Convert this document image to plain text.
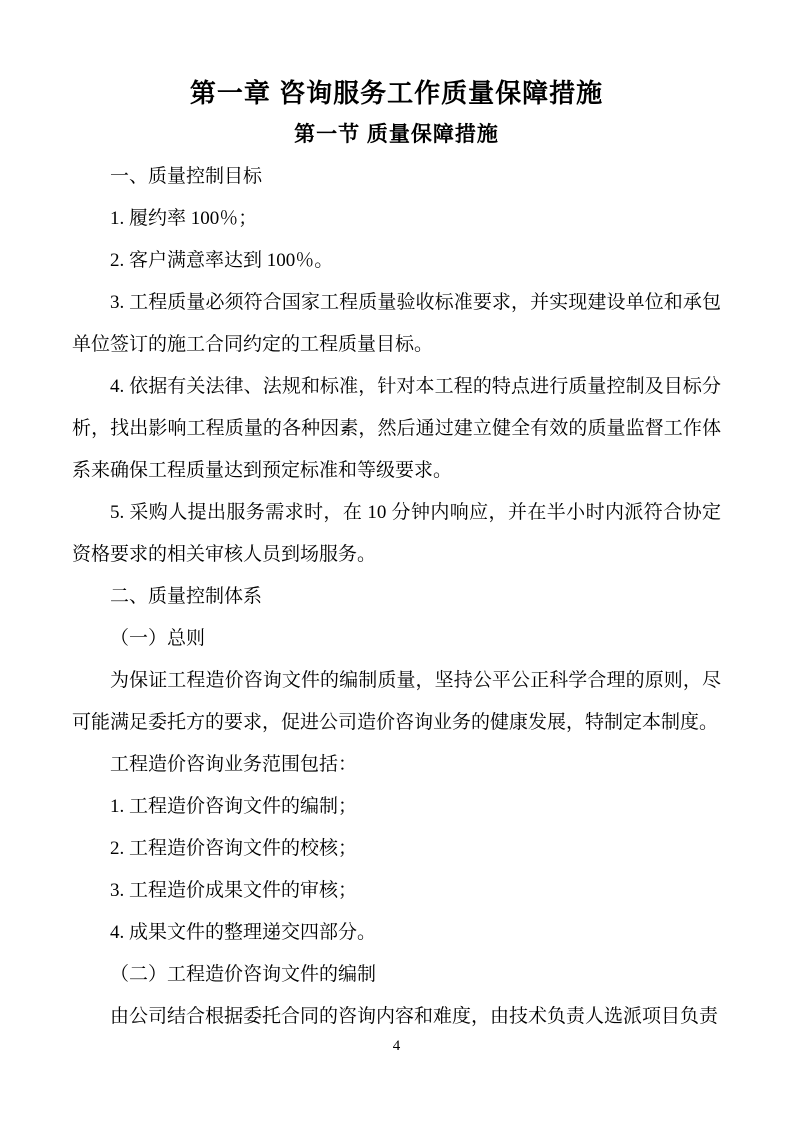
第一章 咨询服务工作质量保障措施
第一节 质量保障措施

一、质量控制目标

1. 履约率 100％；

2. 客户满意率达到 100％。

3. 工程质量必须符合国家工程质量验收标准要求，并实现建设单位和承包单位签订的施工合同约定的工程质量目标。

4. 依据有关法律、法规和标准，针对本工程的特点进行质量控制及目标分析，找出影响工程质量的各种因素，然后通过建立健全有效的质量监督工作体系来确保工程质量达到预定标准和等级要求。

5. 采购人提出服务需求时，在 10 分钟内响应，并在半小时内派符合协定资格要求的相关审核人员到场服务。

二、质量控制体系

（一）总则

为保证工程造价咨询文件的编制质量，坚持公平公正科学合理的原则，尽可能满足委托方的要求，促进公司造价咨询业务的健康发展，特制定本制度。

工程造价咨询业务范围包括：

1. 工程造价咨询文件的编制；

2. 工程造价咨询文件的校核；

3. 工程造价成果文件的审核；

4. 成果文件的整理递交四部分。

（二）工程造价咨询文件的编制

由公司结合根据委托合同的咨询内容和难度，由技术负责人选派项目负责

4
